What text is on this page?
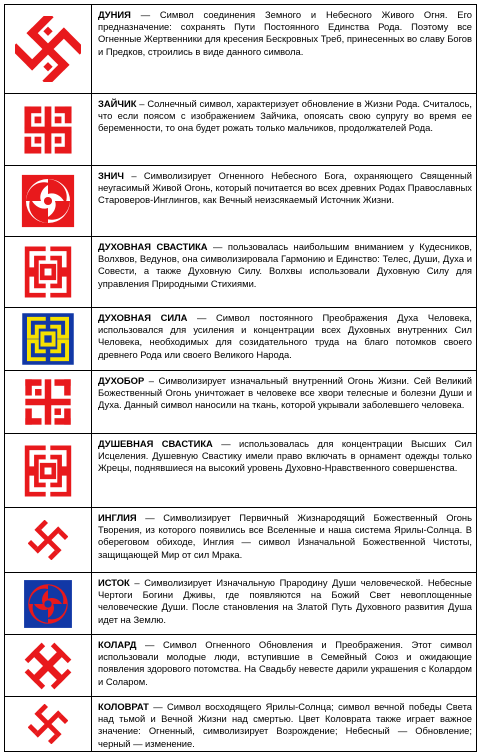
ДУНИЯ — Символ соединения Земного и Небесного Живого Огня. Его предназначение: сохранять Пути Постоянного Единства Рода. Поэтому все Огненные Жертвенники для кресения Бескровных Треб, принесенных во славу Богов и Предков, строились в виде данного символа.
ЗАЙЧИК – Солнечный символ, характеризует обновление в Жизни Рода. Считалось, что если поясом с изображением Зайчика, опоясать свою супругу во время ее беременности, то она будет рожать только мальчиков, продолжателей Рода.
ЗНИЧ – Символизирует Огненного Небесного Бога, охраняющего Священный неугасимый Живой Огонь, который почитается во всех древних Родах Православных Староверов-Инглингов, как Вечный неизсякаемый Источник Жизни.
ДУХОВНАЯ СВАСТИКА — пользовалась наибольшим вниманием у Кудесников, Волхвов, Ведунов, она символизировала Гармонию и Единство: Телес, Души, Духа и Совести, а также Духовную Силу. Волхвы использовали Духовную Силу для управления Природными Стихиями.
ДУХОВНАЯ СИЛА — Символ постоянного Преображения Духа Человека, использовался для усиления и концентрации всех Духовных внутренних Сил Человека, необходимых для созидательного труда на благо потомков своего древнего Рода или своего Великого Народа.
ДУХОБОР – Символизирует изначальный внутренний Огонь Жизни. Сей Великий Божественный Огонь уничтожает в человеке все хвори телесные и болезни Души и Духа. Данный символ наносили на ткань, которой укрывали заболевшего человека.
ДУШЕВНАЯ СВАСТИКА — использовалась для концентрации Высших Сил Исцеления. Душевную Свастику имели право включать в орнамент одежды только Жрецы, поднявшиеся на высокий уровень Духовно-Нравственного совершенства.
ИНГЛИЯ — Символизирует Первичный Жизнародящий Божественный Огонь Творения, из которого появились все Вселенные и наша система Ярилы-Солнца. В обереговом обиходе, Инглия — символ Изначальной Божественной Чистоты, защищающей Мир от сил Мрака.
ИСТОК – Символизирует Изначальную Прародину Души человеческой. Небесные Чертоги Богини Дживы, где появляются на Божий Свет невоплощенные человеческие Души. После становления на Златой Путь Духовного развития Душа идет на Землю.
КОЛАРД — Символ Огненного Обновления и Преображения. Этот символ использовали молодые люди, вступившие в Семейный Союз и ожидающие появления здорового потомства. На Свадьбу невесте дарили украшения с Колардом и Соларом.
КОЛОВРАТ — Символ восходящего Ярилы-Солнца; символ вечной победы Света над тьмой и Вечной Жизни над смертью. Цвет Коловрата также играет важное значение: Огненный, символизирует Возрождение; Небесный — Обновление; черный — изменение.
